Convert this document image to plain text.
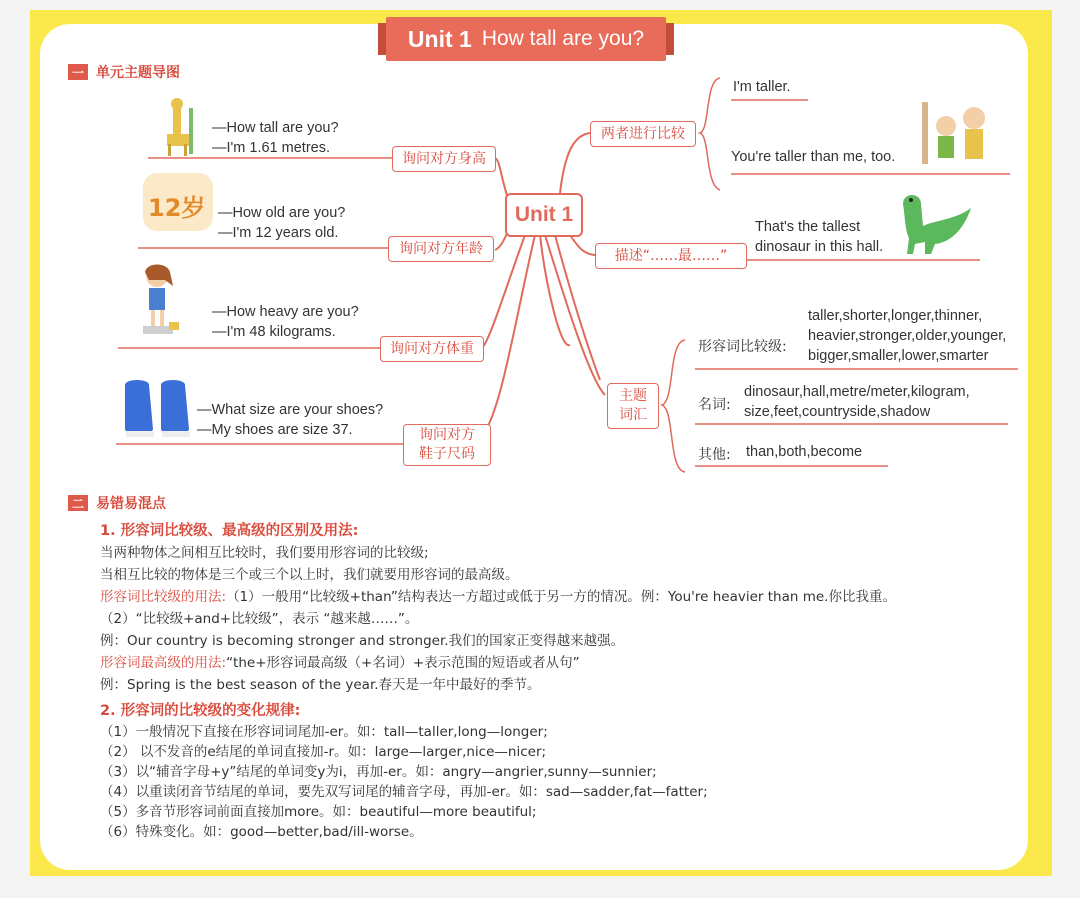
Unit 1 How tall are you?
一 单元主题导图
Unit 1
询问对方身高
—How tall are you?
—I'm 1.61 metres.
询问对方年龄
—How old are you?
—I'm 12 years old.
询问对方体重
—How heavy are you?
—I'm 48 kilograms.
询问对方
鞋子尺码
—What size are your shoes?
—My shoes are size 37.
12岁
两者进行比较
I'm taller.
You're taller than me, too.
描述“……最……”
That's the tallest
dinosaur in this hall.
主题
词汇
形容词比较级:
taller,shorter,longer,thinner,
heavier,stronger,older,younger,
bigger,smaller,lower,smarter
名词:
dinosaur,hall,metre/meter,kilogram,
size,feet,countryside,shadow
其他: than,both,become
二 易错易混点
1. 形容词比较级、最高级的区别及用法:
当两种物体之间相互比较时，我们要用形容词的比较级;
当相互比较的物体是三个或三个以上时，我们就要用形容词的最高级。
形容词比较级的用法:（1）一般用“比较级+than”结构表达一方超过或低于另一方的情况。例：You're heavier than me.你比我重。
（2）“比较级+and+比较级”，表示 “越来越……”。
例：Our country is becoming stronger and stronger.我们的国家正变得越来越强。
形容词最高级的用法:“the+形容词最高级（+名词）+表示范围的短语或者从句”
例：Spring is the best season of the year.春天是一年中最好的季节。
2. 形容词的比较级的变化规律:
（1）一般情况下直接在形容词词尾加-er。如：tall—taller,long—longer;
（2） 以不发音的e结尾的单词直接加-r。如：large—larger,nice—nicer;
（3）以“辅音字母+y”结尾的单词变y为i，再加-er。如：angry—angrier,sunny—sunnier;
（4）以重读闭音节结尾的单词，要先双写词尾的辅音字母，再加-er。如：sad—sadder,fat—fatter;
（5）多音节形容词前面直接加more。如：beautiful—more beautiful;
（6）特殊变化。如：good—better,bad/ill-worse。
